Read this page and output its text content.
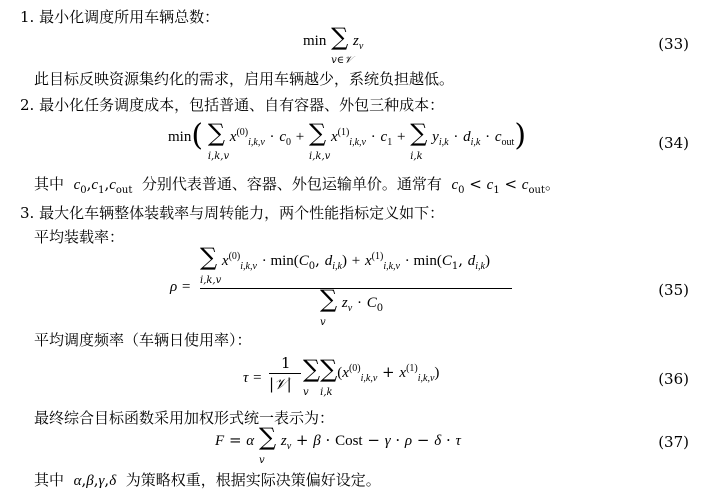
1. 最小化调度所用车辆总数：
min ∑
v∈𝒱
$z_v$	(33)
此目标反映资源集约化的需求，启用车辆越少，系统负担越低。
2. 最小化任务调度成本，包括普通、自有容器、外包三种成本：
min( ∑
i,k,v
$x^{(0)}_{i,k,v} \cdot c_0$ + ∑
i,k,v
$x^{(1)}_{i,k,v} \cdot c_1$ + ∑
i,k
$y_{i,k} \cdot d_{i,k} \cdot c_{out}$)	(34)
其中 $c_0,c_1,c_{out}$ 分别代表普通、容器、外包运输单价。通常有 $c_0 < c_1 < c_{out}$。
3. 最大化车辆整体装载率与周转能力，两个性能指标定义如下：
平均装载率：
ρ =
∑
i,k,v
$x^{(0)}_{i,k,v} \cdot \min(C_0$, $d_{i,k}) + x^{(1)}_{i,k,v} \cdot \min(C_1$, $d_{i,k}$)
∑
v
$z_v \cdot C_0$
(35)
平均调度频率（车辆日使用率）：
τ =
1
|𝒱|
∑
v
∑
i,k
$(x^{(0)}_{i,k,v} + x^{(1)}_{i,k,v})$	(36)
最终综合目标函数采用加权形式统一表示为：
F = α ∑
v
$z_v + \beta$ · Cost − γ · ρ − δ · τ	(37)
其中 α,β,γ,δ 为策略权重，根据实际决策偏好设定。
